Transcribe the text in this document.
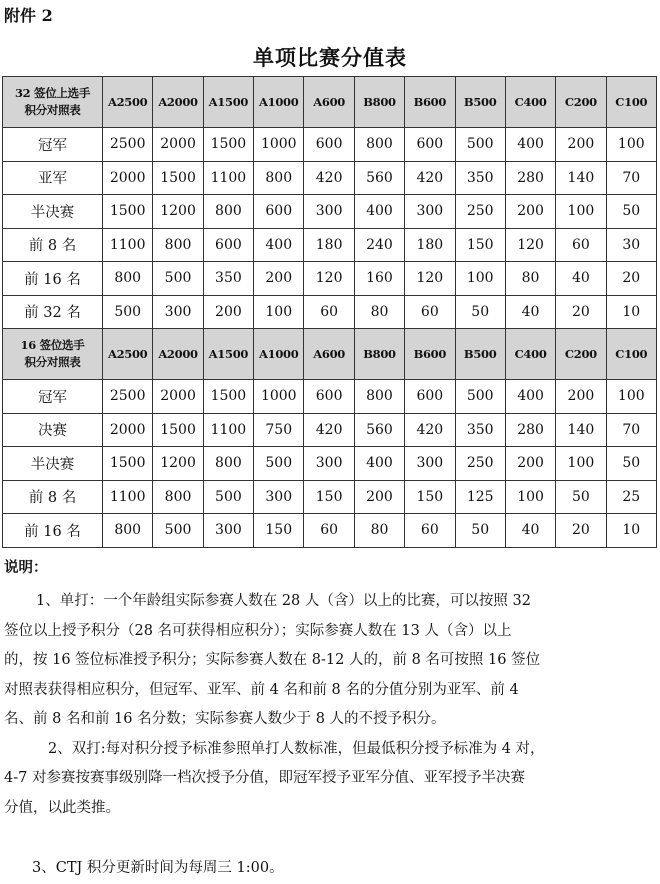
附件 2
单项比赛分值表
32 签位上选手
积分对照表	A2500	A2000	A1500	A1000	A600	B800	B600	B500	C400	C200	C100
冠军	2500	2000	1500	1000	600	800	600	500	400	200	100
亚军	2000	1500	1100	800	420	560	420	350	280	140	70
半决赛	1500	1200	800	600	300	400	300	250	200	100	50
前 8 名	1100	800	600	400	180	240	180	150	120	60	30
前 16 名	800	500	350	200	120	160	120	100	80	40	20
前 32 名	500	300	200	100	60	80	60	50	40	20	10

16 签位选手
积分对照表	A2500	A2000	A1500	A1000	A600	B800	B600	B500	C400	C200	C100
冠军	2500	2000	1500	1000	600	800	600	500	400	200	100
决赛	2000	1500	1100	750	420	560	420	350	280	140	70
半决赛	1500	1200	800	500	300	400	300	250	200	100	50
前 8 名	1100	800	500	300	150	200	150	125	100	50	25
前 16 名	800	500	300	150	60	80	60	50	40	20	10
说明：

1、单打：一个年龄组实际参赛人数在 28 人（含）以上的比赛，可以按照 32

签位以上授予积分（28 名可获得相应积分）；实际参赛人数在 13 人（含）以上

的，按 16 签位标准授予积分；实际参赛人数在 8-12 人的，前 8 名可按照 16 签位

对照表获得相应积分，但冠军、亚军、前 4 名和前 8 名的分值分别为亚军、前 4

名、前 8 名和前 16 名分数；实际参赛人数少于 8 人的不授予积分。

2、双打:每对积分授予标准参照单打人数标准，但最低积分授予标准为 4 对，

4-7 对参赛按赛事级别降一档次授予分值，即冠军授予亚军分值、亚军授予半决赛

分值，以此类推。

3、CTJ 积分更新时间为每周三 1:00。
